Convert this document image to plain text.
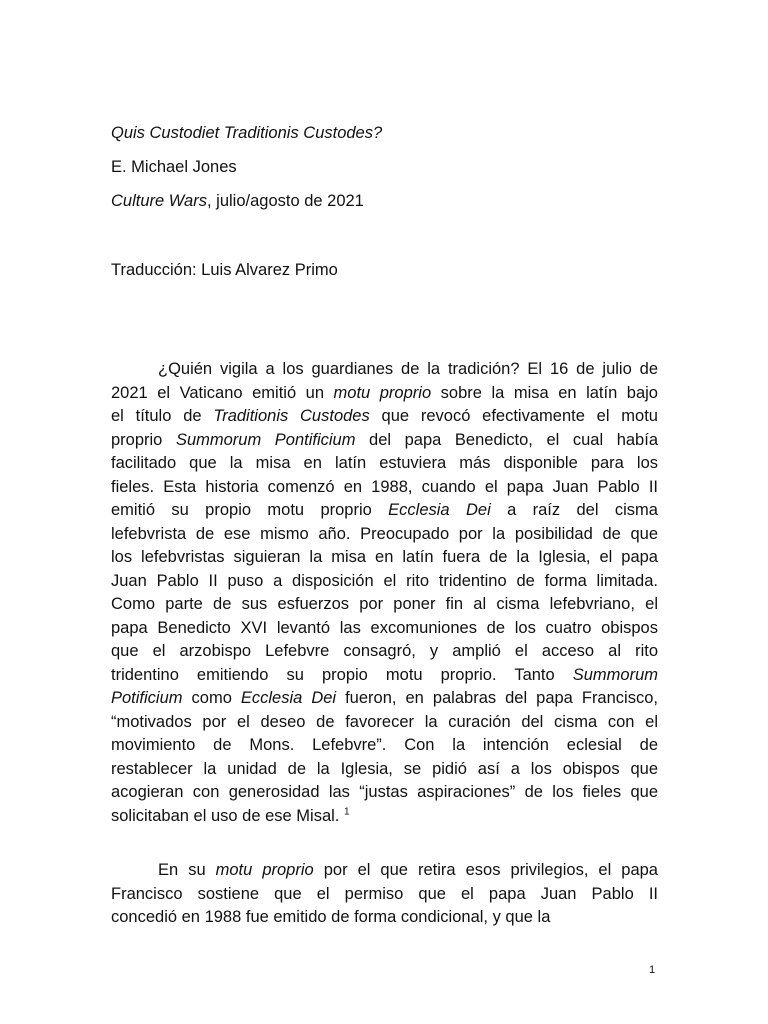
Quis Custodiet Traditionis Custodes?
E. Michael Jones
Culture Wars, julio/agosto de 2021
Traducción: Luis Alvarez Primo
¿Quién vigila a los guardianes de la tradición? El 16 de julio de
2021 el Vaticano emitió un motu proprio sobre la misa en latín bajo
el título de Traditionis Custodes que revocó efectivamente el motu
proprio Summorum Pontificium del papa Benedicto, el cual había
facilitado que la misa en latín estuviera más disponible para los
fieles. Esta historia comenzó en 1988, cuando el papa Juan Pablo II
emitió su propio motu proprio Ecclesia Dei a raíz del cisma
lefebvrista de ese mismo año. Preocupado por la posibilidad de que
los lefebvristas siguieran la misa en latín fuera de la Iglesia, el papa
Juan Pablo II puso a disposición el rito tridentino de forma limitada.
Como parte de sus esfuerzos por poner fin al cisma lefebvriano, el
papa Benedicto XVI levantó las excomuniones de los cuatro obispos
que el arzobispo Lefebvre consagró, y amplió el acceso al rito
tridentino emitiendo su propio motu proprio. Tanto Summorum
Potificium como Ecclesia Dei fueron, en palabras del papa Francisco,
“motivados por el deseo de favorecer la curación del cisma con el
movimiento de Mons. Lefebvre”. Con la intención eclesial de
restablecer la unidad de la Iglesia, se pidió así a los obispos que
acogieran con generosidad las “justas aspiraciones” de los fieles que
solicitaban el uso de ese Misal. $^1$
En su motu proprio por el que retira esos privilegios, el papa
Francisco sostiene que el permiso que el papa Juan Pablo II
concedió en 1988 fue emitido de forma condicional, y que la
1
